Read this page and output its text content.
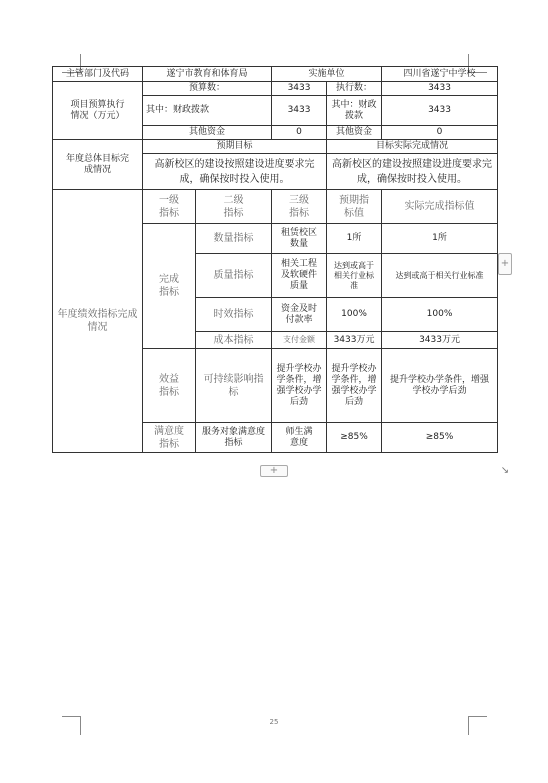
主管部门及代码	遂宁市教育和体育局		实施单位		四川省遂宁中学校
项目预算执行情况（万元）	预算数：		3433	执行数：	3433
	其中：财政拨款		3433	其中：财政拨款	3433
	其他资金		0	其他资金	0
年度总体目标完成情况	预期目标			目标实际完成情况	
	高新校区的建设按照建设进度要求完成，确保按时投入使用。			高新校区的建设按照建设进度要求完成，确保按时投入使用。	
年度绩效指标完成情况	一级指标	二级指标	三级指标	预期指标值	实际完成指标值
	完成指标	数量指标	租赁校区数量	1所	1所
		质量指标	相关工程及软硬件质量	达到或高于相关行业标准	达到或高于相关行业标准
		时效指标	资金及时付款率	100%	100%
		成本指标	支付金额	3433万元	3433万元
	效益指标	可持续影响指标	提升学校办学条件，增强学校办学后劲	提升学校办学条件，增强学校办学后劲	提升学校办学条件，增强学校办学后劲
	满意度指标	服务对象满意度指标	师生满意度	≥85%	≥85%
+
+	↘
25
